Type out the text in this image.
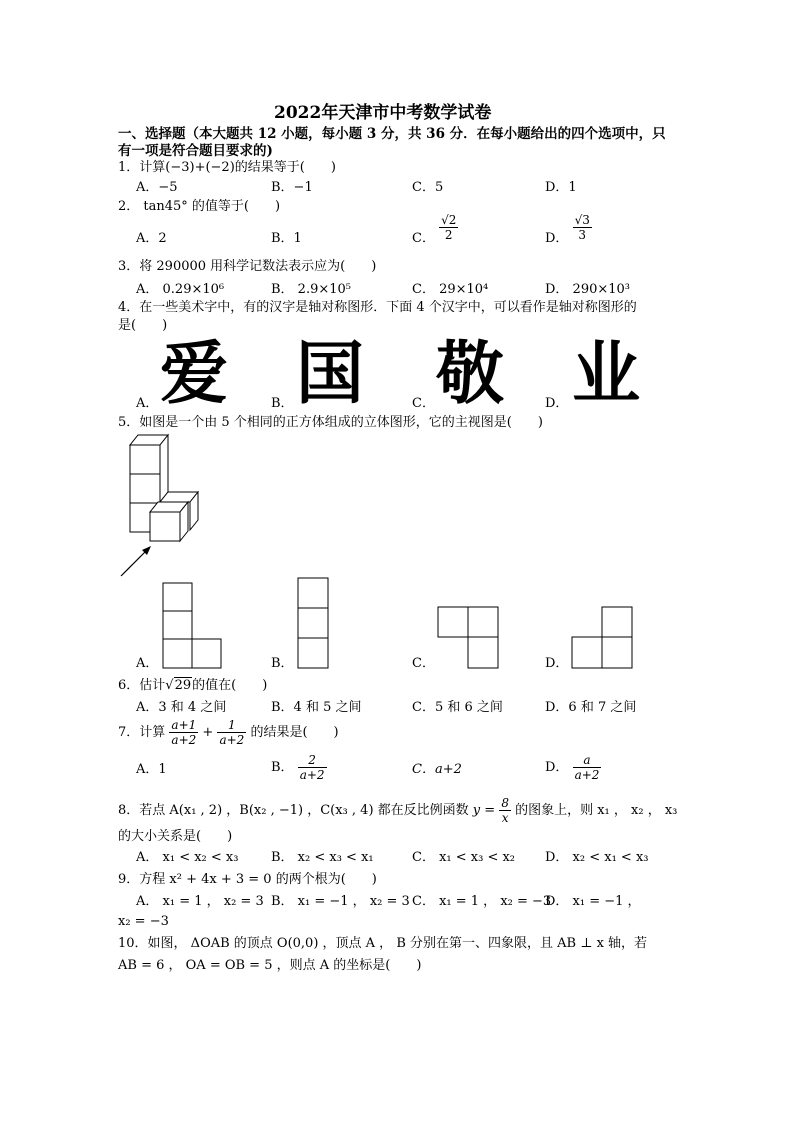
2022年天津市中考数学试卷
一、选择题（本大题共 12 小题，每小题 3 分，共 36 分．在每小题给出的四个选项中，只
有一项是符合题目要求的)
1．计算(−3)+(−2)的结果等于(　　)
A．−5	B．−1	C．5	D．1
2． tan45° 的值等于(　　)
A．2	B．1	C． $\frac{√2}{2}$	D． $\frac{√3}{3}$
3．将 290000 用科学记数法表示应为(　　)
A． 0.29×10⁶	B． 2.9×10⁵	C． 29×10⁴	D． 290×10³
4．在一些美术字中，有的汉字是轴对称图形．下面 4 个汉字中，可以看作是轴对称图形的
是(　　)
爱 国 敬 业
A．	B．	C．	D．
5．如图是一个由 5 个相同的正方体组成的立体图形，它的主视图是(　　)
A．	B．	C．	D．
6．估计√29的值在(　　)
A．3 和 4 之间	B．4 和 5 之间	C．5 和 6 之间	D．6 和 7 之间
7．计算 $\frac{a+1}{a+2} + \frac{1}{a+2}$ 的结果是(　　)
A．1	B． $\frac{2}{a+2}$	C．a+2	D． $\frac{a}{a+2}$
8．若点 A(x₁ , 2) ，B(x₂ , −1) ，C(x₃ , 4) 都在反比例函数 $y = \frac{8}{x}$ 的图象上，则 x₁ ， x₂ ， x₃
的大小关系是(　　)
A． x₁ < x₂ < x₃	B． x₂ < x₃ < x₁	C． x₁ < x₃ < x₂ D． x₂ < x₁ < x₃
9．方程 x² + 4x + 3 = 0 的两个根为(　　)
A． x₁ = 1 ， x₂ = 3 B． x₁ = −1 ， x₂ = 3 C． x₁ = 1 ， x₂ = −3
D． x₁ = −1 ，
x₂ = −3
10．如图， ΔOAB 的顶点 O(0,0) ，顶点 A ， B 分别在第一、四象限，且 AB ⊥ x 轴，若
AB = 6 ， OA = OB = 5 ，则点 A 的坐标是(　　)
